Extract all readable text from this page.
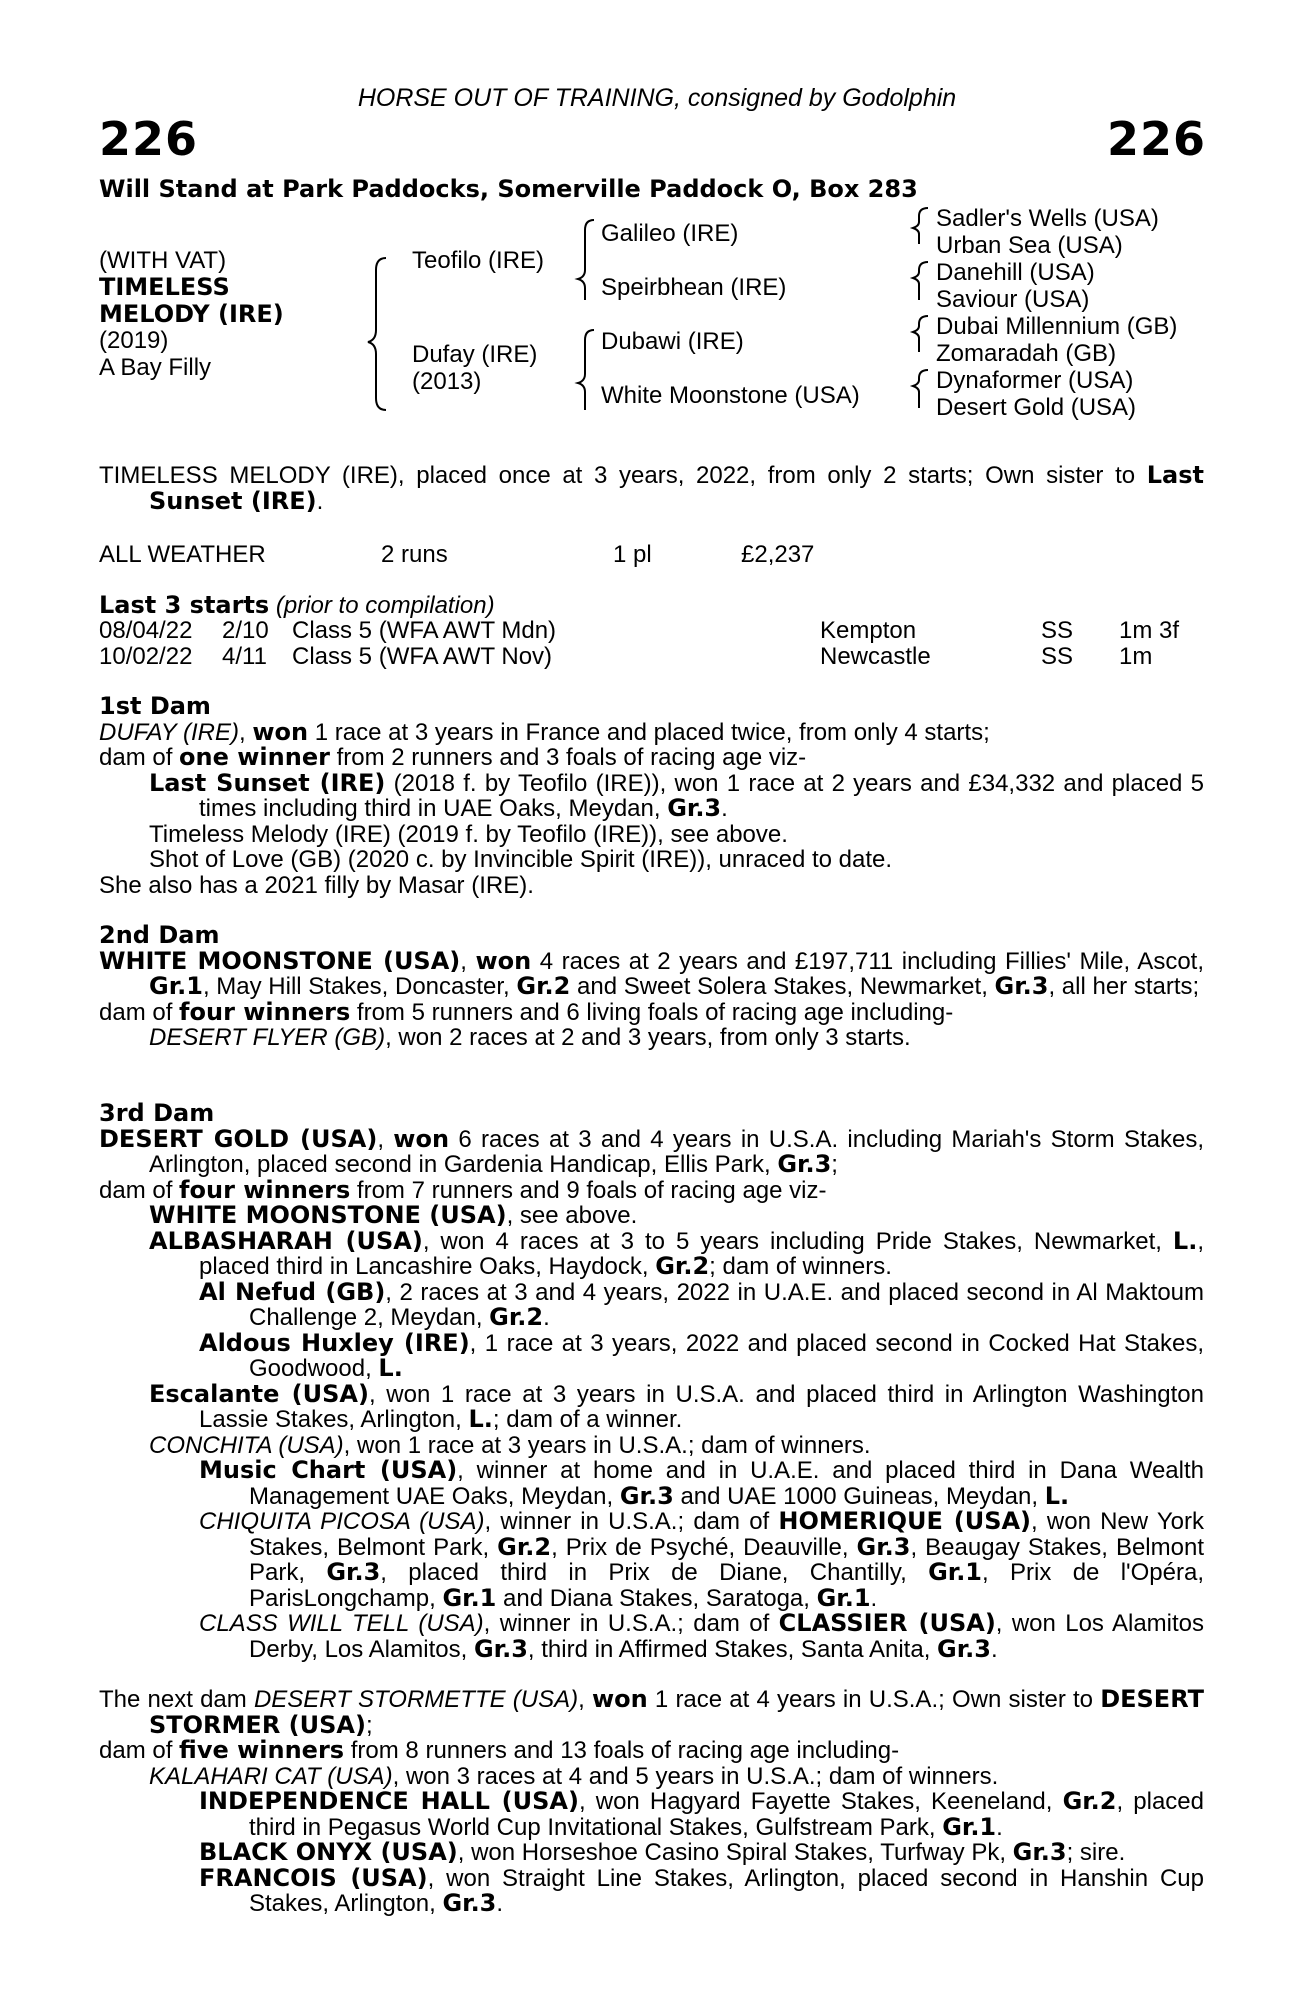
HORSE OUT OF TRAINING, consigned by Godolphin
226	226
Will Stand at Park Paddocks, Somerville Paddock O, Box 283
(WITH VAT)
TIMELESS
MELODY (IRE)
(2019)
A Bay Filly
Teofilo (IRE)
Dufay (IRE)
(2013)
Galileo (IRE)
Speirbhean (IRE)
Dubawi (IRE)
White Moonstone (USA)
Sadler's Wells (USA)
Urban Sea (USA)
Danehill (USA)
Saviour (USA)
Dubai Millennium (GB)
Zomaradah (GB)
Dynaformer (USA)
Desert Gold (USA)

TIMELESS MELODY (IRE), placed once at 3 years, 2022, from only 2 starts; Own sister to Last Sunset (IRE).

ALL WEATHER	2 runs	1 pl	£2,237
Last 3 starts (prior to compilation)
08/04/22 2/10 Class 5 (WFA AWT Mdn)	Kempton	SS 1m 3f
10/02/22 4/11 Class 5 (WFA AWT Nov)	Newcastle	SS 1m

1st Dam

DUFAY (IRE), won 1 race at 3 years in France and placed twice, from only 4 starts;

dam of one winner from 2 runners and 3 foals of racing age viz-

Last Sunset (IRE) (2018 f. by Teofilo (IRE)), won 1 race at 2 years and £34,332 and placed 5 times including third in UAE Oaks, Meydan, Gr.3.

Timeless Melody (IRE) (2019 f. by Teofilo (IRE)), see above.

Shot of Love (GB) (2020 c. by Invincible Spirit (IRE)), unraced to date.

She also has a 2021 filly by Masar (IRE).

2nd Dam

WHITE MOONSTONE (USA), won 4 races at 2 years and £197,711 including Fillies' Mile, Ascot, Gr.1, May Hill Stakes, Doncaster, Gr.2 and Sweet Solera Stakes, Newmarket, Gr.3, all her starts;

dam of four winners from 5 runners and 6 living foals of racing age including-

DESERT FLYER (GB), won 2 races at 2 and 3 years, from only 3 starts.

3rd Dam

DESERT GOLD (USA), won 6 races at 3 and 4 years in U.S.A. including Mariah's Storm Stakes, Arlington, placed second in Gardenia Handicap, Ellis Park, Gr.3;

dam of four winners from 7 runners and 9 foals of racing age viz-

WHITE MOONSTONE (USA), see above.

ALBASHARAH (USA), won 4 races at 3 to 5 years including Pride Stakes, Newmarket, L., placed third in Lancashire Oaks, Haydock, Gr.2; dam of winners.

Al Nefud (GB), 2 races at 3 and 4 years, 2022 in U.A.E. and placed second in Al Maktoum Challenge 2, Meydan, Gr.2.

Aldous Huxley (IRE), 1 race at 3 years, 2022 and placed second in Cocked Hat Stakes, Goodwood, L.

Escalante (USA), won 1 race at 3 years in U.S.A. and placed third in Arlington Washington Lassie Stakes, Arlington, L.; dam of a winner.

CONCHITA (USA), won 1 race at 3 years in U.S.A.; dam of winners.

Music Chart (USA), winner at home and in U.A.E. and placed third in Dana Wealth Management UAE Oaks, Meydan, Gr.3 and UAE 1000 Guineas, Meydan, L.

CHIQUITA PICOSA (USA), winner in U.S.A.; dam of HOMERIQUE (USA), won New York Stakes, Belmont Park, Gr.2, Prix de Psyché, Deauville, Gr.3, Beaugay Stakes, Belmont Park, Gr.3, placed third in Prix de Diane, Chantilly, Gr.1, Prix de l'Opéra, ParisLongchamp, Gr.1 and Diana Stakes, Saratoga, Gr.1.

CLASS WILL TELL (USA), winner in U.S.A.; dam of CLASSIER (USA), won Los Alamitos Derby, Los Alamitos, Gr.3, third in Affirmed Stakes, Santa Anita, Gr.3.

The next dam DESERT STORMETTE (USA), won 1 race at 4 years in U.S.A.; Own sister to DESERT STORMER (USA);

dam of five winners from 8 runners and 13 foals of racing age including-

KALAHARI CAT (USA), won 3 races at 4 and 5 years in U.S.A.; dam of winners.

INDEPENDENCE HALL (USA), won Hagyard Fayette Stakes, Keeneland, Gr.2, placed third in Pegasus World Cup Invitational Stakes, Gulfstream Park, Gr.1.

BLACK ONYX (USA), won Horseshoe Casino Spiral Stakes, Turfway Pk, Gr.3; sire.

FRANCOIS (USA), won Straight Line Stakes, Arlington, placed second in Hanshin Cup Stakes, Arlington, Gr.3.
